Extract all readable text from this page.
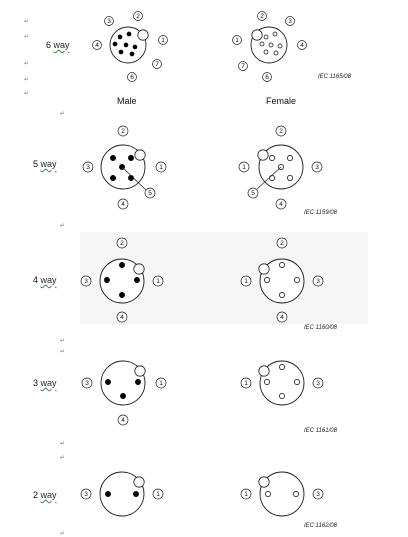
2
3
4
1
7
6
2
3
1
4
7
6
2
3	1
4
5
2
1	3
4
5
2
3	1
4
2
1	3
4
3	1
4
1	3
3	1	1	3
Male	Female
6 way
5 way
4 way
3 way
2 way
IEC 1165/08
IEC 1159/08
IEC 1160/08
IEC 1161/08
IEC 1162/08
↵
↵
↵
↵
↵
↵
↵
↵
↵
↵
↵
↵
